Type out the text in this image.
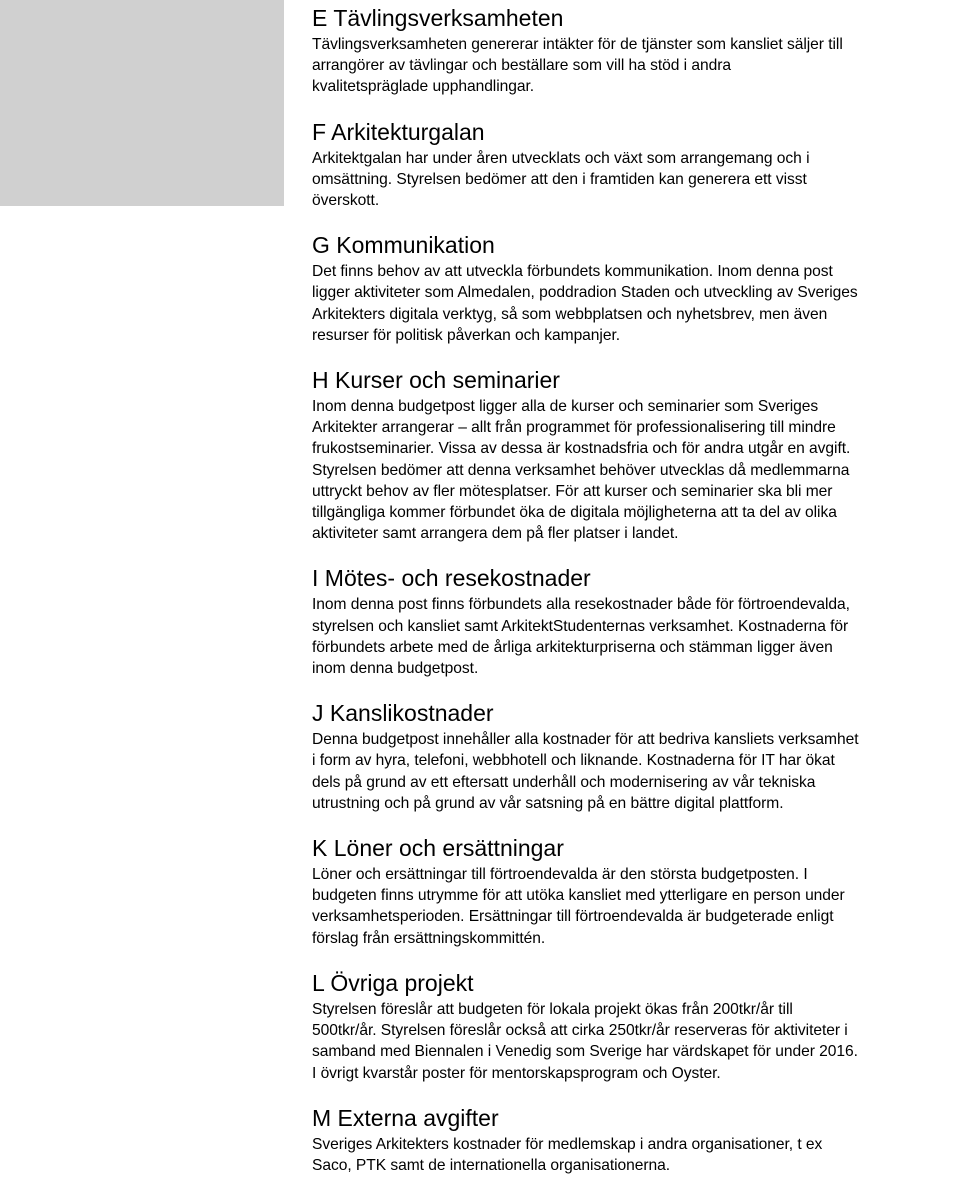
E Tävlingsverksamheten

Tävlingsverksamheten genererar intäkter för de tjänster som kansliet säljer till
arrangörer av tävlingar och beställare som vill ha stöd i andra
kvalitetspräglade upphandlingar.

F Arkitekturgalan

Arkitektgalan har under åren utvecklats och växt som arrangemang och i
omsättning. Styrelsen bedömer att den i framtiden kan generera ett visst
överskott.

G Kommunikation

Det finns behov av att utveckla förbundets kommunikation. Inom denna post
ligger aktiviteter som Almedalen, poddradion Staden och utveckling av Sveriges
Arkitekters digitala verktyg, så som webbplatsen och nyhetsbrev, men även
resurser för politisk påverkan och kampanjer.

H Kurser och seminarier

Inom denna budgetpost ligger alla de kurser och seminarier som Sveriges
Arkitekter arrangerar – allt från programmet för professionalisering till mindre
frukostseminarier. Vissa av dessa är kostnadsfria och för andra utgår en avgift.
Styrelsen bedömer att denna verksamhet behöver utvecklas då medlemmarna
uttryckt behov av fler mötesplatser. För att kurser och seminarier ska bli mer
tillgängliga kommer förbundet öka de digitala möjligheterna att ta del av olika
aktiviteter samt arrangera dem på fler platser i landet.

I Mötes- och resekostnader

Inom denna post finns förbundets alla resekostnader både för förtroendevalda,
styrelsen och kansliet samt ArkitektStudenternas verksamhet. Kostnaderna för
förbundets arbete med de årliga arkitekturpriserna och stämman ligger även
inom denna budgetpost.

J Kanslikostnader

Denna budgetpost innehåller alla kostnader för att bedriva kansliets verksamhet
i form av hyra, telefoni, webbhotell och liknande. Kostnaderna för IT har ökat
dels på grund av ett eftersatt underhåll och modernisering av vår tekniska
utrustning och på grund av vår satsning på en bättre digital plattform.

K Löner och ersättningar

Löner och ersättningar till förtroendevalda är den största budgetposten. I
budgeten finns utrymme för att utöka kansliet med ytterligare en person under
verksamhetsperioden. Ersättningar till förtroendevalda är budgeterade enligt
förslag från ersättningskommittén.

L Övriga projekt

Styrelsen föreslår att budgeten för lokala projekt ökas från 200tkr/år till
500tkr/år. Styrelsen föreslår också att cirka 250tkr/år reserveras för aktiviteter i
samband med Biennalen i Venedig som Sverige har värdskapet för under 2016.
I övrigt kvarstår poster för mentorskapsprogram och Oyster.

M Externa avgifter

Sveriges Arkitekters kostnader för medlemskap i andra organisationer, t ex
Saco, PTK samt de internationella organisationerna.
